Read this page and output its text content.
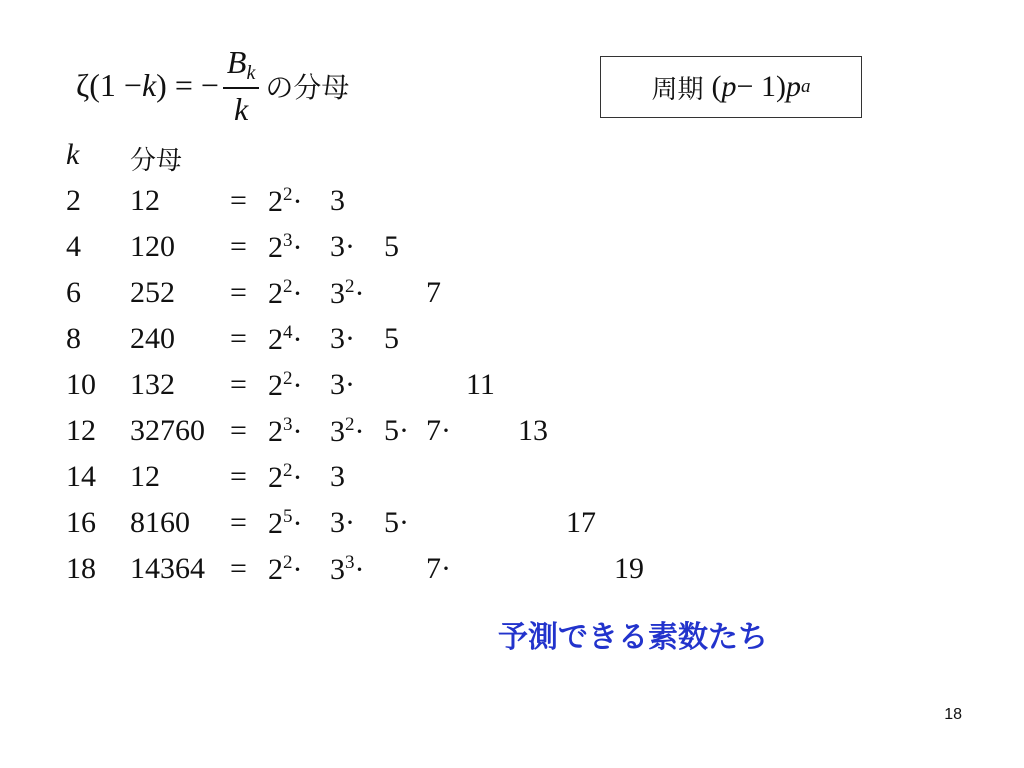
ζ(1 − k ) = − $\frac{B_k}{k}$ の分母	周期 ( p − 1) p a
k 分母
2 $12 = 2^2\cdot 3$
4 $120 = 2^3\cdot 3\cdot 5$
6 $252 = 2^2\cdot 3^2\cdot 7$
8 $240 = 2^4\cdot 3\cdot 5$
10 $132 = 2^2\cdot 3\cdot$	11
12 $32760 = 2^3\cdot 3^2\cdot 5\cdot 7\cdot 13$
14 $12 = 2^2\cdot 3$
16 $8160 = 2^5\cdot 3\cdot 5\cdot$	17
18 $14364 = 2^2\cdot 3^3\cdot 7\cdot$	19
予測できる素数たち
18
